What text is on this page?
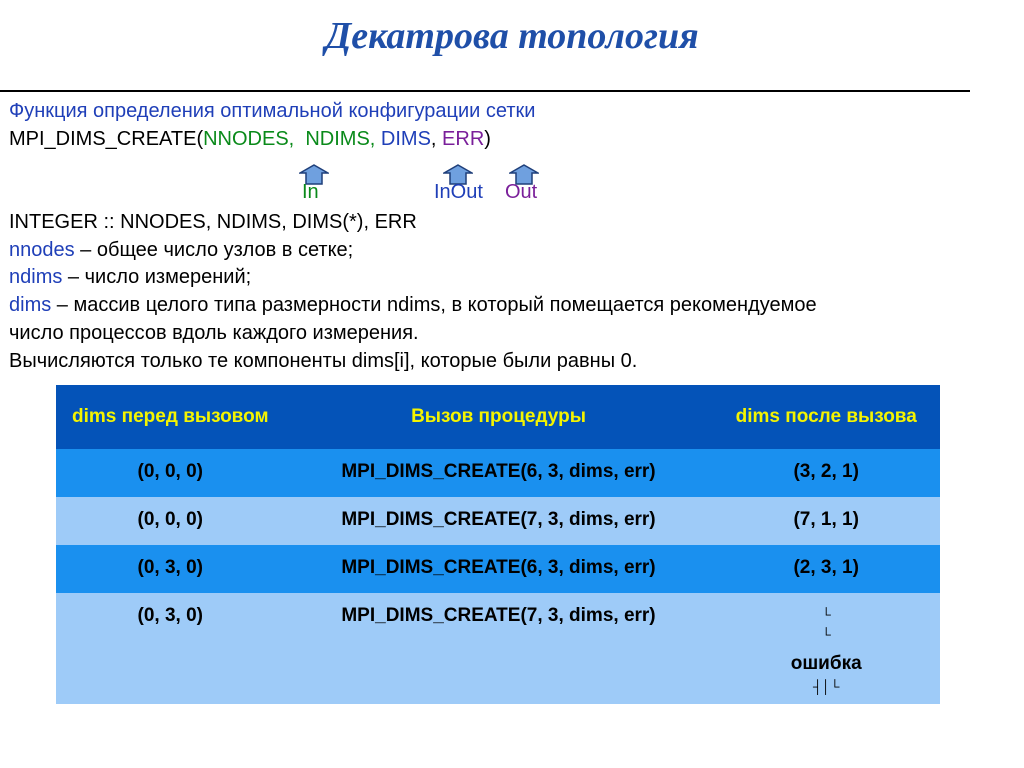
Декатрова топология
Функция определения оптимальной конфигурации сетки
MPI_DIMS_CREATE(NNODES, NDIMS, DIMS, ERR)
In	InOut Out
INTEGER :: NNODES, NDIMS, DIMS(*), ERR
nnodes – общее число узлов в сетке;
ndims – число измерений;
dims – массив целого типа размерности ndims, в который помещается рекомендуемое
число процессов вдоль каждого измерения.
Вычисляются только те компоненты dims[i], которые были равны 0.
dims перед вызовом	Вызов процедуры	dims после вызова
(0, 0, 0)	MPI_DIMS_CREATE(6, 3, dims, err)	(3, 2, 1)
(0, 0, 0)	MPI_DIMS_CREATE(7, 3, dims, err)	(7, 1, 1)
(0, 3, 0)	MPI_DIMS_CREATE(6, 3, dims, err)	(2, 3, 1)
(0, 3, 0)	MPI_DIMS_CREATE(7, 3, dims, err)	└
└
ошибка
┤│└
